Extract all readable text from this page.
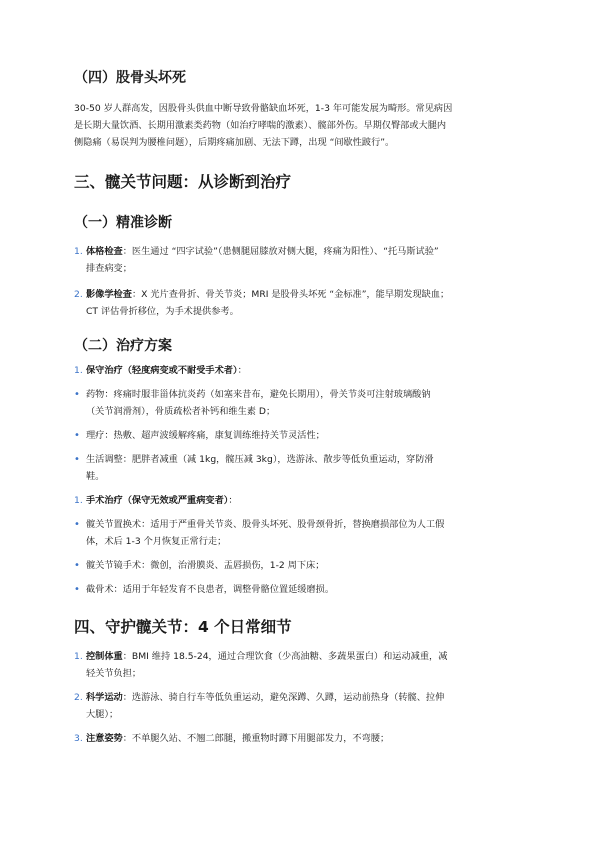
（四）股骨头坏死
30-50 岁人群高发，因股骨头供血中断导致骨骼缺血坏死，1-3 年可能发展为畸形。常见病因
是长期大量饮酒、长期用激素类药物（如治疗哮喘的激素）、髋部外伤。早期仅臀部或大腿内
侧隐痛（易误判为腰椎问题），后期疼痛加剧、无法下蹲，出现 “间歇性跛行”。
三、髋关节问题：从诊断到治疗
（一）精准诊断
1. 体格检查：医生通过 “四字试验”（患侧腿屈膝放对侧大腿，疼痛为阳性）、“托马斯试验”
排查病变；
2. 影像学检查：X 光片查骨折、骨关节炎；MRI 是股骨头坏死 “金标准”，能早期发现缺血；
CT 评估骨折移位，为手术提供参考。
（二）治疗方案
1. 保守治疗（轻度病变或不耐受手术者）：
• 药物：疼痛时服非甾体抗炎药（如塞来昔布，避免长期用），骨关节炎可注射玻璃酸钠
（关节润滑剂），骨质疏松者补钙和维生素 D；
• 理疗：热敷、超声波缓解疼痛，康复训练维持关节灵活性；
• 生活调整：肥胖者减重（减 1kg，髋压减 3kg），选游泳、散步等低负重运动，穿防滑
鞋。
1. 手术治疗（保守无效或严重病变者）：
• 髋关节置换术：适用于严重骨关节炎、股骨头坏死、股骨颈骨折，替换磨损部位为人工假
体，术后 1-3 个月恢复正常行走；
• 髋关节镜手术：微创，治滑膜炎、盂唇损伤，1-2 周下床；
• 截骨术：适用于年轻发育不良患者，调整骨骼位置延缓磨损。
四、守护髋关节：4 个日常细节
1. 控制体重：BMI 维持 18.5-24，通过合理饮食（少高油糖、多蔬果蛋白）和运动减重，减
轻关节负担；
2. 科学运动：选游泳、骑自行车等低负重运动，避免深蹲、久蹲，运动前热身（转髋、拉伸
大腿）；
3. 注意姿势：不单腿久站、不翘二郎腿，搬重物时蹲下用腿部发力，不弯腰；
